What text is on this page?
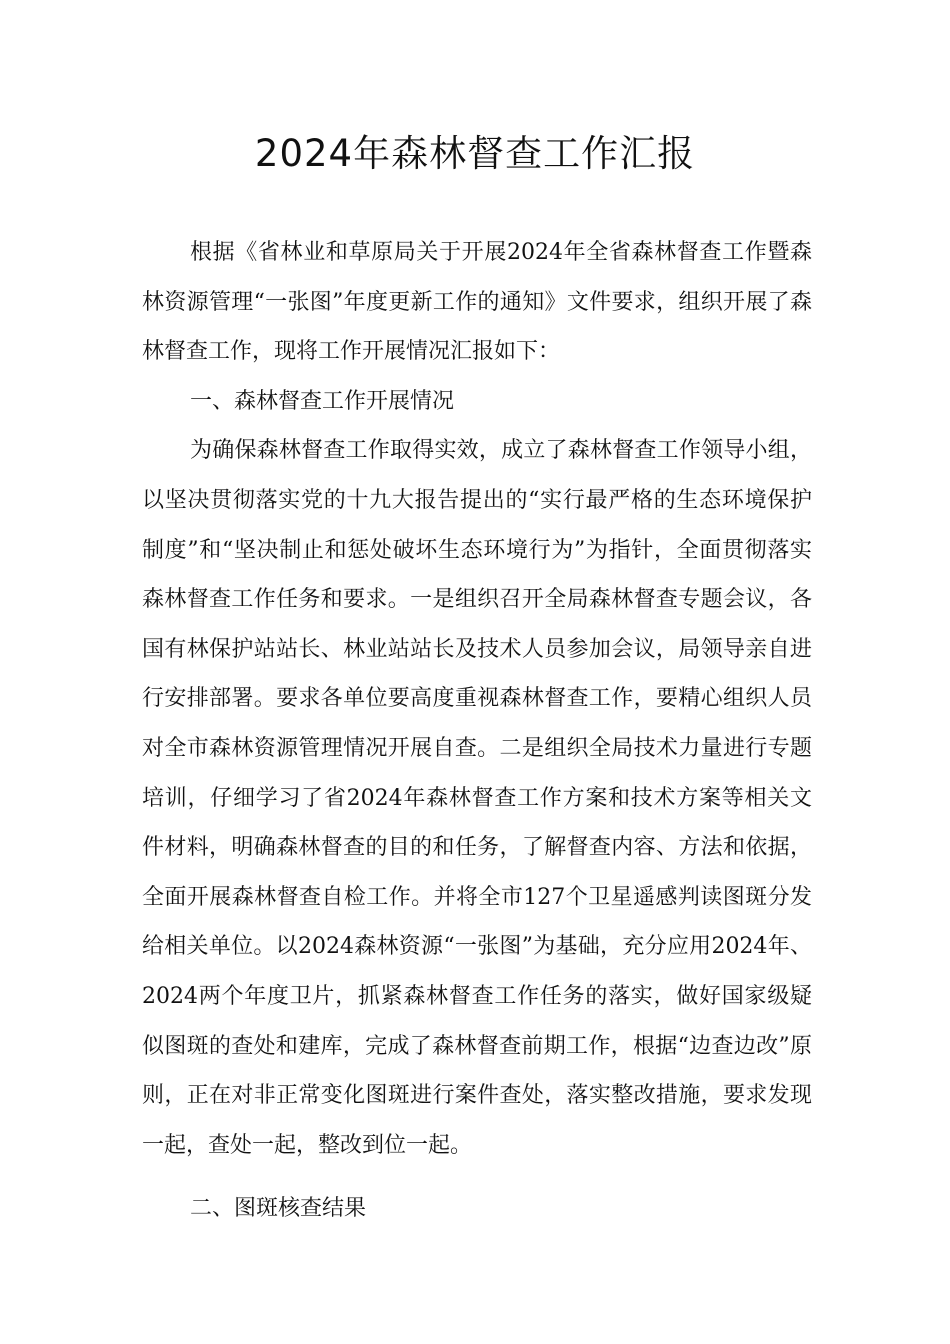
2024年森林督查工作汇报

根据《省林业和草原局关于开展2024年全省森林督查工作暨森林资源管理“一张图”年度更新工作的通知》文件要求，组织开展了森林督查工作，现将工作开展情况汇报如下：

一、森林督查工作开展情况

为确保森林督查工作取得实效，成立了森林督查工作领导小组，以坚决贯彻落实党的十九大报告提出的“实行最严格的生态环境保护制度”和“坚决制止和惩处破坏生态环境行为”为指针，全面贯彻落实森林督查工作任务和要求。一是组织召开全局森林督查专题会议，各国有林保护站站长、林业站站长及技术人员参加会议，局领导亲自进行安排部署。要求各单位要高度重视森林督查工作，要精心组织人员对全市森林资源管理情况开展自查。二是组织全局技术力量进行专题培训，仔细学习了省2024年森林督查工作方案和技术方案等相关文件材料，明确森林督查的目的和任务，了解督查内容、方法和依据，全面开展森林督查自检工作。并将全市127个卫星遥感判读图斑分发给相关单位。以2024森林资源“一张图”为基础，充分应用2024年、2024两个年度卫片，抓紧森林督查工作任务的落实，做好国家级疑似图斑的查处和建库，完成了森林督查前期工作，根据“边查边改”原则，正在对非正常变化图斑进行案件查处，落实整改措施，要求发现一起，查处一起，整改到位一起。

二、图斑核查结果
